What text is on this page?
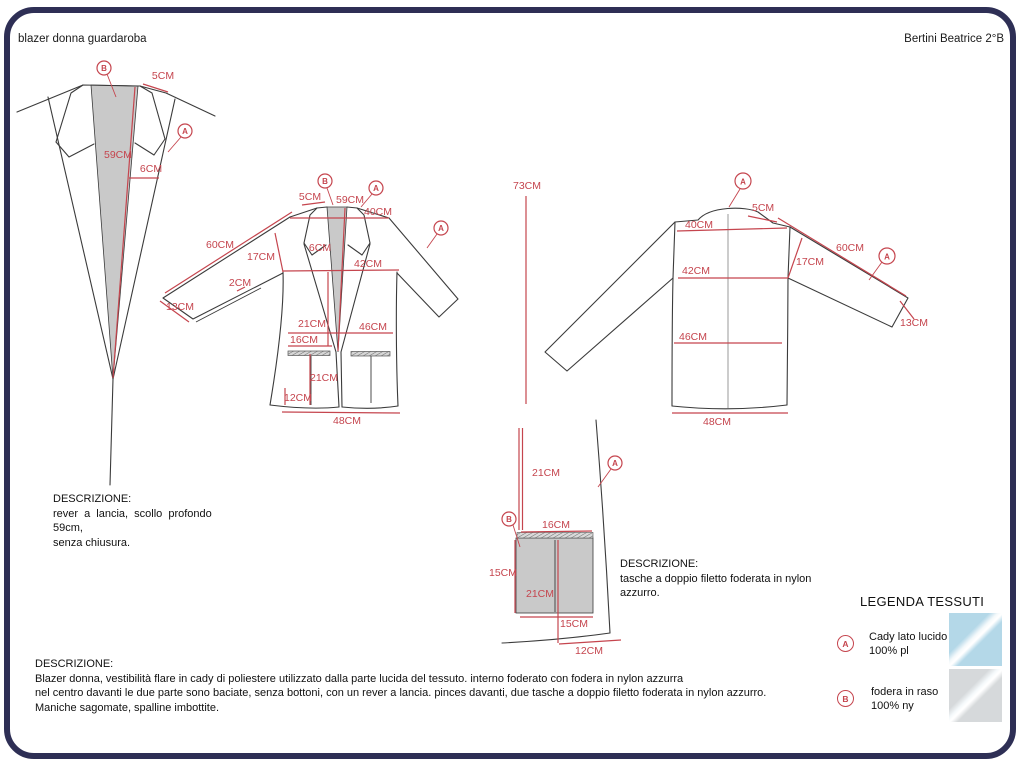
blazer donna guardaroba	Bertini Beatrice 2°B
5CM
59CM
6CM
B
A
5CM 59CM
40CM
60CM
17CM
6CM
42CM
2CM
13CM
21CM	46CM
16CM
21CM
12CM
48CM
B
A
A
73CM
5CM
40CM
42CM
60CM
17CM
13CM
46CM
48CM
A
A
21CM
16CM
15CM
21CM
15CM
12CM
B
A
DESCRIZIONE:
rever a lancia, scollo profondo 59cm,
senza chiusura.
DESCRIZIONE:
tasche a doppio filetto foderata in nylon
azzurro.
DESCRIZIONE:
Blazer donna, vestibilità flare in cady di poliestere utilizzato dalla parte lucida del tessuto. interno foderato con fodera in nylon azzurra
nel centro davanti le due parte sono baciate, senza bottoni, con un rever a lancia. pinces davanti, due tasche a doppio filetto foderata in nylon azzurro.
Maniche sagomate, spalline imbottite.
LEGENDA TESSUTI
A
Cady lato lucido
100% pl
B
fodera in raso
100% ny
